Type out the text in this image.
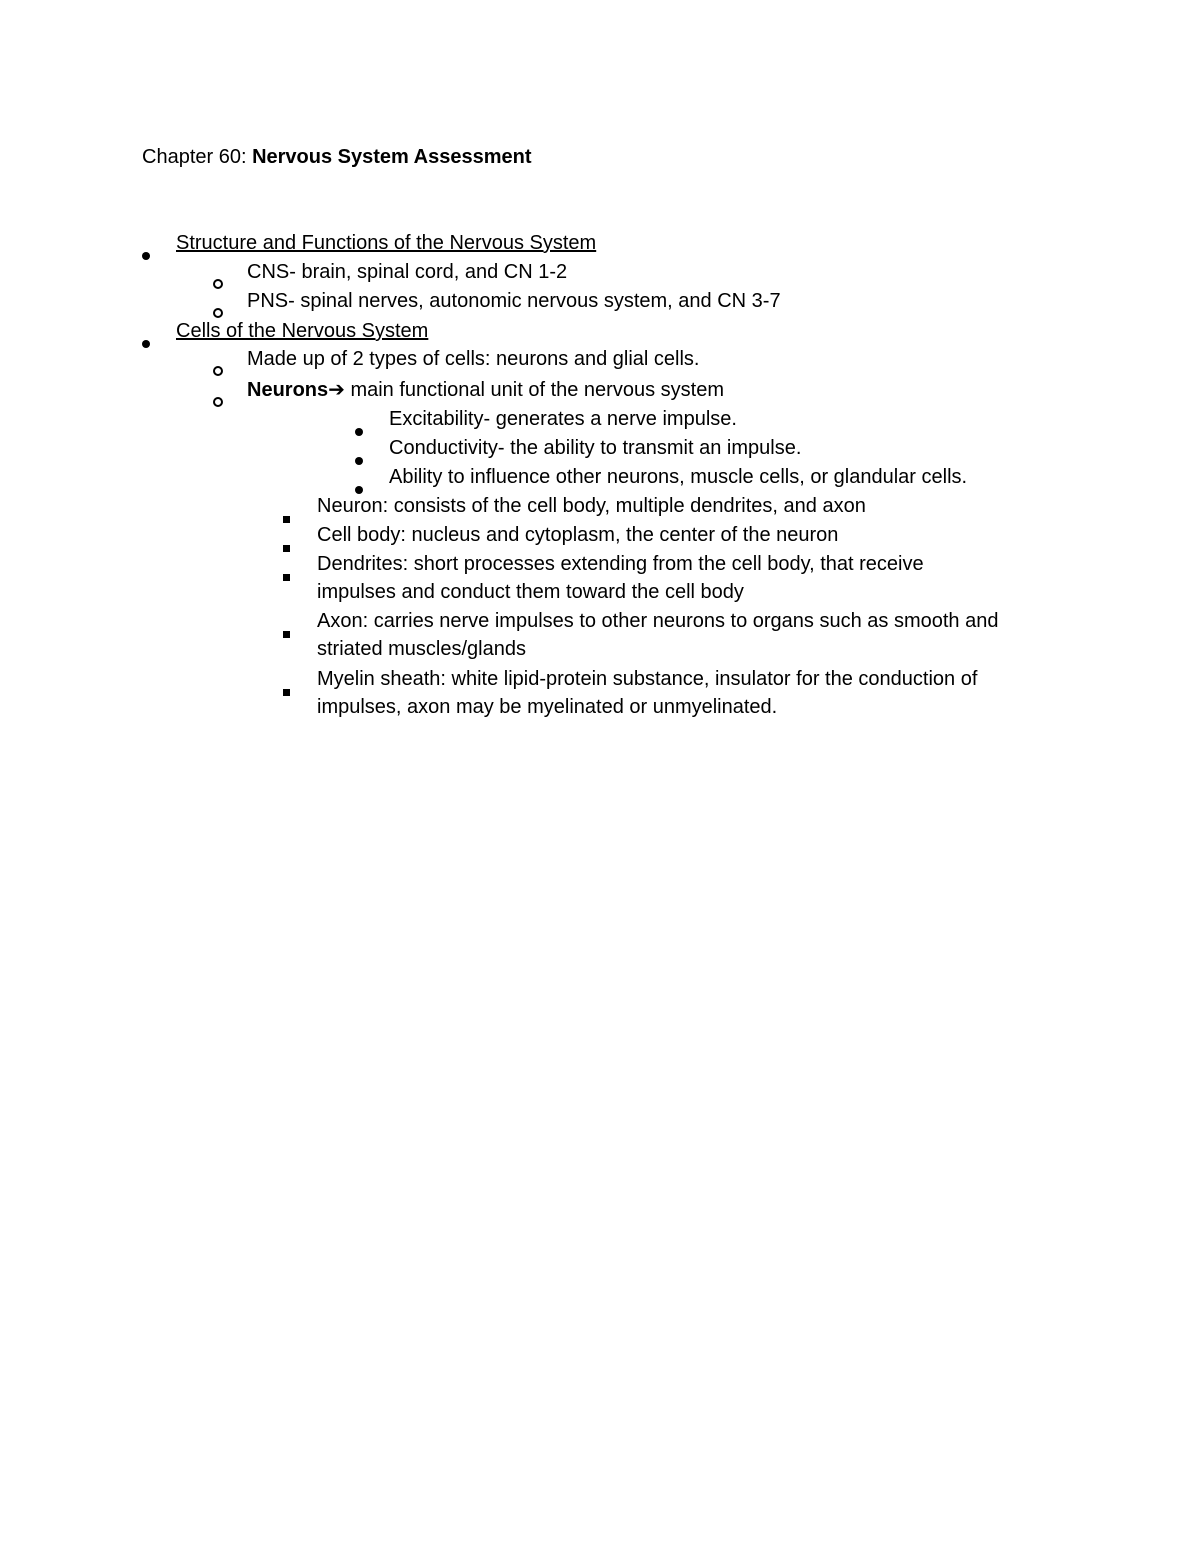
Chapter 60: Nervous System Assessment
Structure and Functions of the Nervous System
CNS- brain, spinal cord, and CN 1-2
PNS- spinal nerves, autonomic nervous system, and CN 3-7
Cells of the Nervous System
Made up of 2 types of cells: neurons and glial cells.
Neurons➔ main functional unit of the nervous system
Excitability- generates a nerve impulse.
Conductivity- the ability to transmit an impulse.
Ability to influence other neurons, muscle cells, or glandular cells.
Neuron: consists of the cell body, multiple dendrites, and axon
Cell body: nucleus and cytoplasm, the center of the neuron
Dendrites: short processes extending from the cell body, that receive
impulses and conduct them toward the cell body
Axon: carries nerve impulses to other neurons to organs such as smooth and
striated muscles/glands
Myelin sheath: white lipid-protein substance, insulator for the conduction of
impulses, axon may be myelinated or unmyelinated.
